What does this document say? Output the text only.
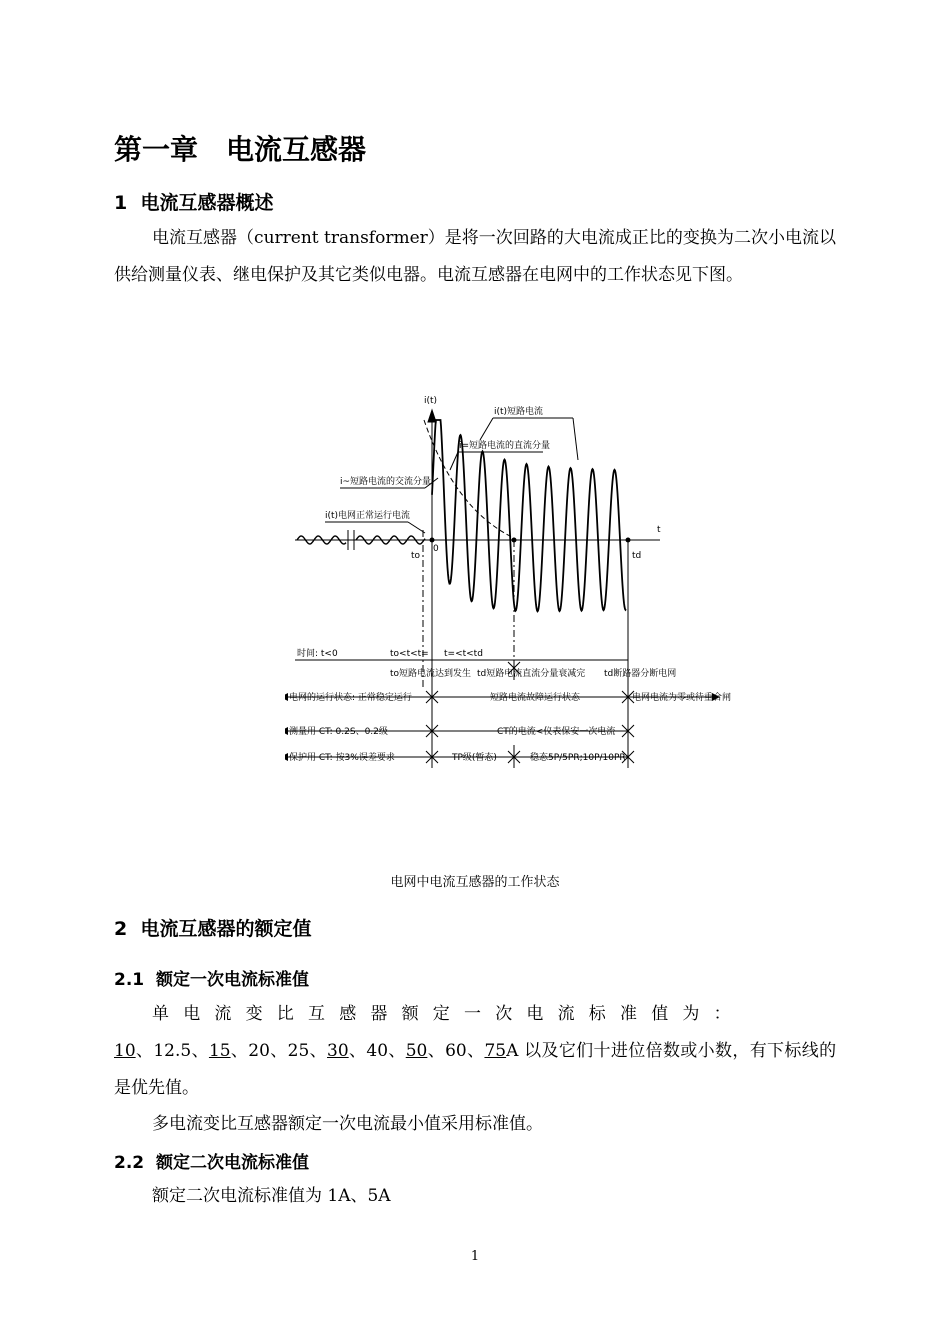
第一章　电流互感器
1  电流互感器概述
电流互感器（current transformer）是将一次回路的大电流成正比的变换为二次小电流以供给测量仪表、继电保护及其它类似电器。电流互感器在电网中的工作状态见下图。
i(t)
t
i(t)短路电流
i=短路电流的直流分量
i~短路电流的交流分量
i(t)电网正常运行电流
to
0
td
时间: t<0	to<t<t= t=<t<td
to短路电流达到发生 td短路电流直流分量衰减完 td断路器分断电网
电网的运行状态: 正常稳定运行	短路电流故障运行状态	电网电流为零或待重合闸
测量用 CT: 0.2S、0.2级	CT的电流<仪表保安一次电流
保护用 CT: 按3%误差要求	TP级(暂态)	稳态5P/5PR;10P/10PR
电网中电流互感器的工作状态
2  电流互感器的额定值
2.1  额定一次电流标准值
单电流变比互感器额定一次电流标准值为：
10、12.5、15、20、25、30、40、50、60、75A 以及它们十进位倍数或小数，有下标线的是优先值。
多电流变比互感器额定一次电流最小值采用标准值。
2.2  额定二次电流标准值
额定二次电流标准值为 1A、5A
1
